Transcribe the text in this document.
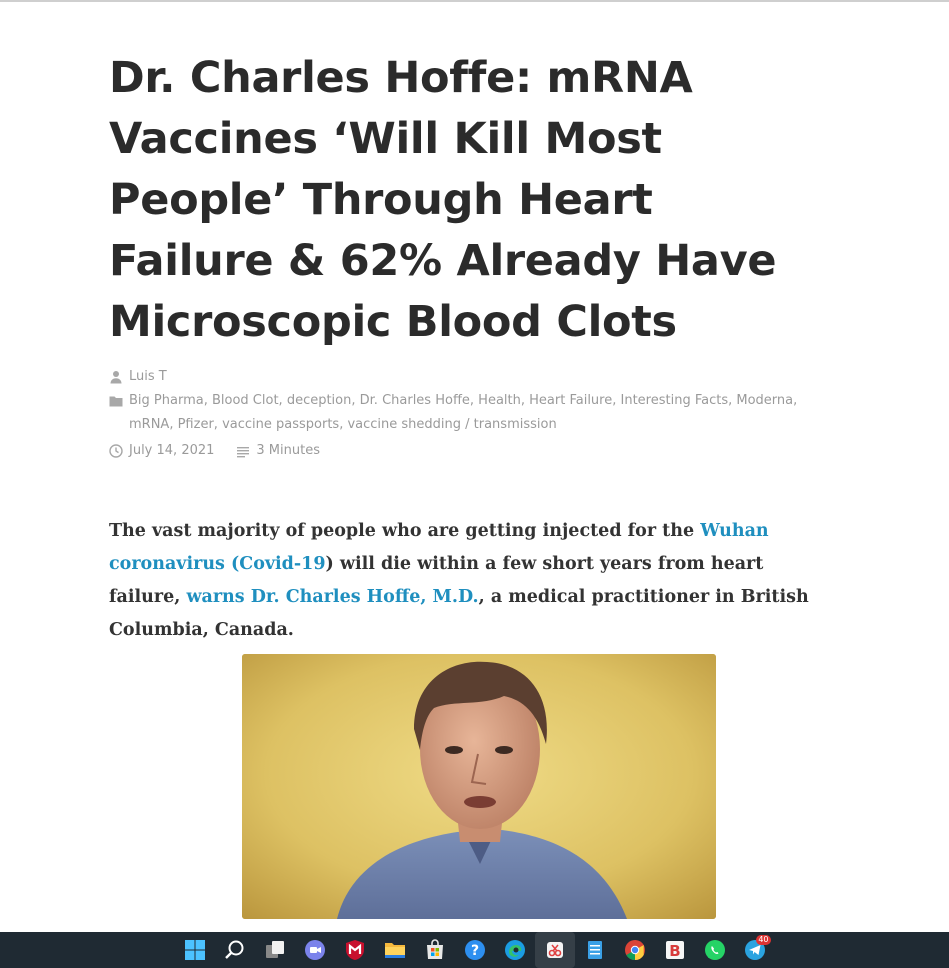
Dr. Charles Hoffe: mRNA Vaccines ‘Will Kill Most People’ Through Heart Failure & 62% Already Have Microscopic Blood Clots
Luis T
Big Pharma, Blood Clot, deception, Dr. Charles Hoffe, Health, Heart Failure, Interesting Facts, Moderna, mRNA, Pfizer, vaccine passports, vaccine shedding / transmission
July 14, 2021	3 Minutes

The vast majority of people who are getting injected for the Wuhan coronavirus (Covid-19) will die within a few short years from heart failure, warns Dr. Charles Hoffe, M.D., a medical practitioner in British Columbia, Canada.

?	B
40
